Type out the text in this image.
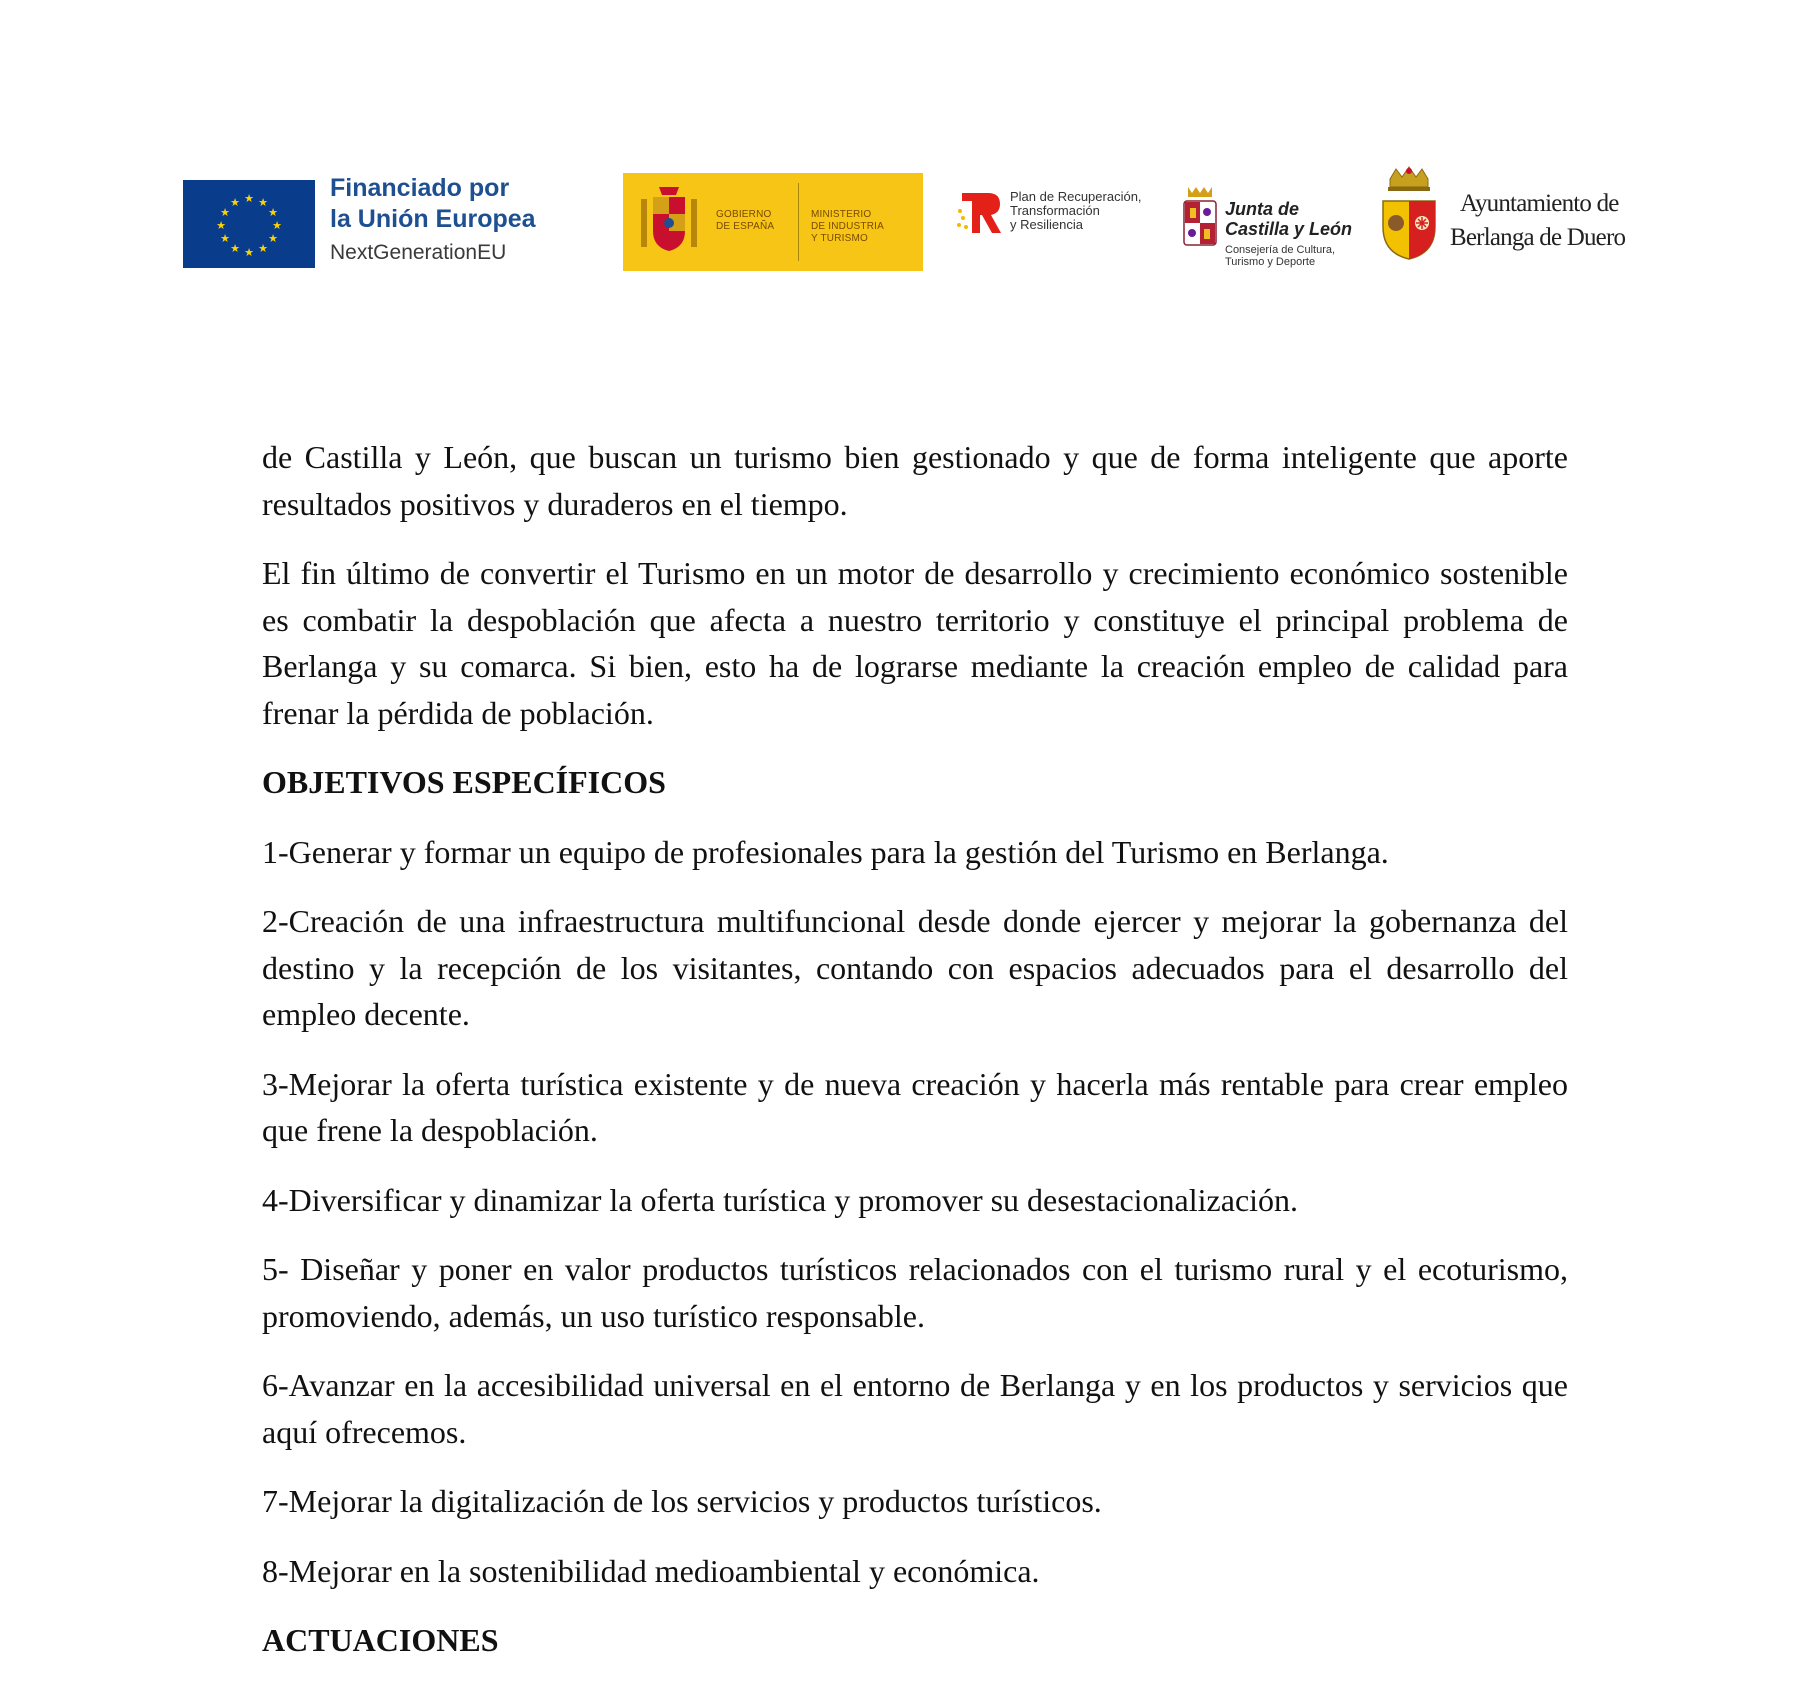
★ ★
★
★
★
★
★
★
★
★
★
★
Financiado por
la Unión Europea
NextGenerationEU
GOBIERNO
DE ESPAÑA
MINISTERIO
DE INDUSTRIA
Y TURISMO
Plan de Recuperación,
Transformación
y Resiliencia
Junta de
Castilla y León
Consejería de Cultura,
Turismo y Deporte
Ayuntamiento de
Berlanga de Duero

de Castilla y León, que buscan un turismo bien gestionado y que de forma inteligente que aporte resultados positivos y duraderos en el tiempo.

El fin último de convertir el Turismo en un motor de desarrollo y crecimiento económico sostenible es combatir la despoblación que afecta a nuestro territorio y constituye el principal problema de Berlanga y su comarca. Si bien, esto ha de lograrse mediante la creación empleo de calidad para frenar la pérdida de población.

OBJETIVOS ESPECÍFICOS

1-Generar y formar un equipo de profesionales para la gestión del Turismo en Berlanga.

2-Creación de una infraestructura multifuncional desde donde ejercer y mejorar la gobernanza del destino y la recepción de los visitantes, contando con espacios adecuados para el desarrollo del empleo decente.

3-Mejorar la oferta turística existente y de nueva creación y hacerla más rentable para crear empleo que frene la despoblación.

4-Diversificar y dinamizar la oferta turística y promover su desestacionalización.

5- Diseñar y poner en valor productos turísticos relacionados con el turismo rural y el ecoturismo, promoviendo, además, un uso turístico responsable.

6-Avanzar en la accesibilidad universal en el entorno de Berlanga y en los productos y servicios que aquí ofrecemos.

7-Mejorar la digitalización de los servicios y productos turísticos.

8-Mejorar en la sostenibilidad medioambiental y económica.

ACTUACIONES
